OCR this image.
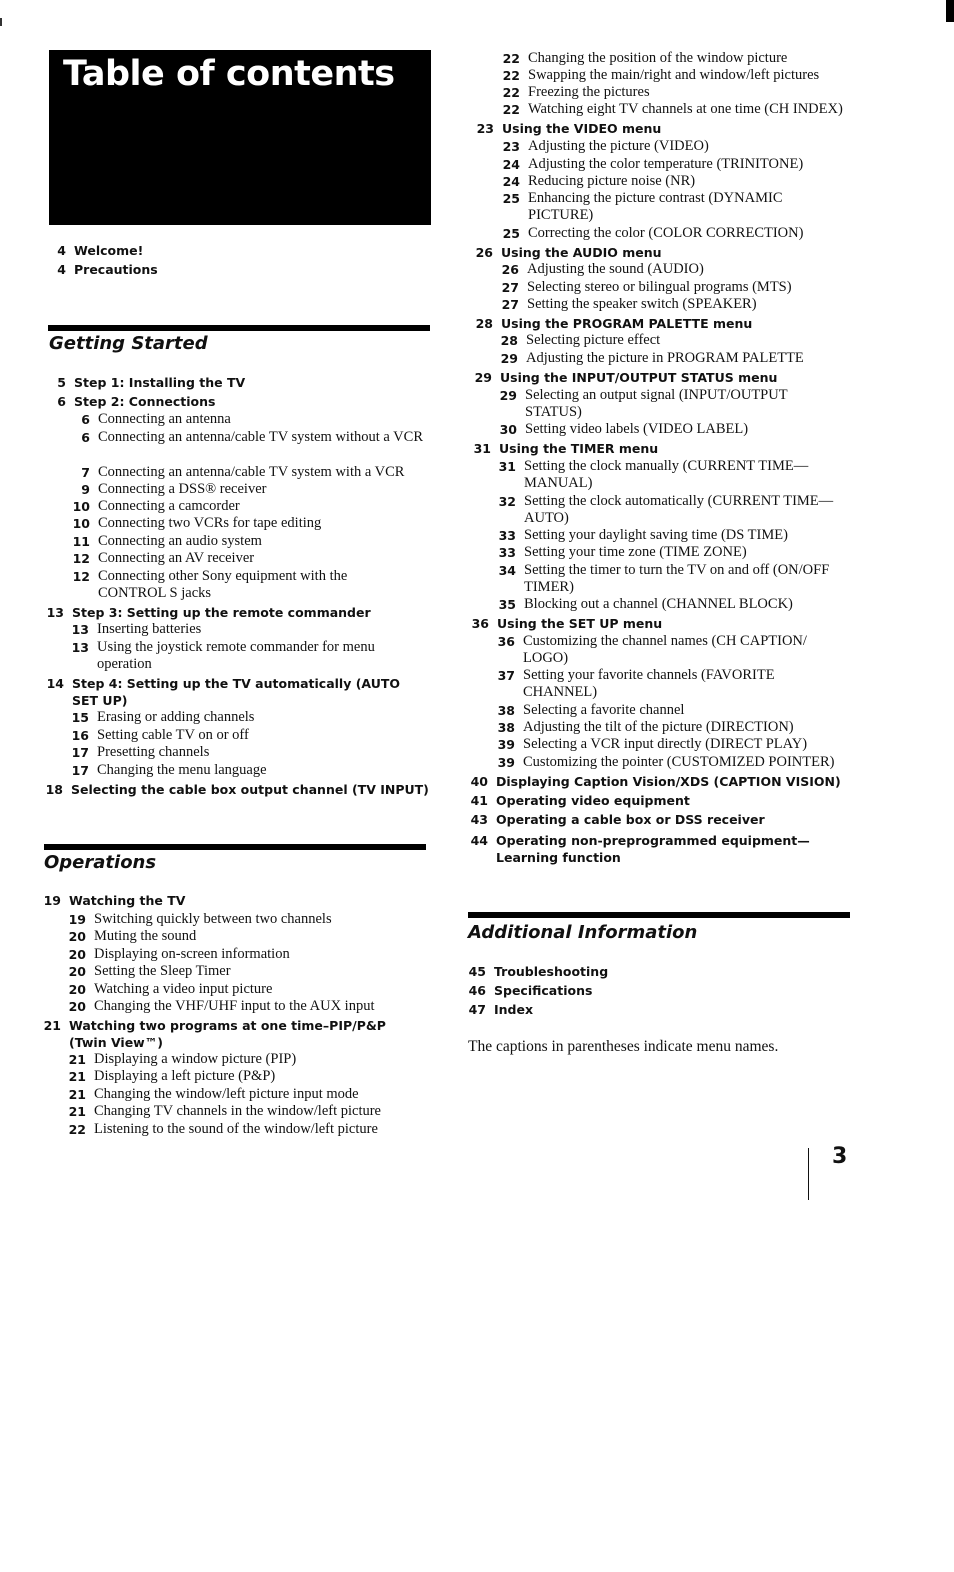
Table of contents
4 Welcome!
4 Precautions
5 Step 1: Installing the TV
6 Step 2: Connections
6 Connecting an antenna
6 Connecting an antenna/cable TV system without a VCR
7 Connecting an antenna/cable TV system with a VCR
9 Connecting a DSS® receiver
10 Connecting a camcorder
10 Connecting two VCRs for tape editing
11 Connecting an audio system
12 Connecting an AV receiver
12 Connecting other Sony equipment with the CONTROL S jacks
13 Step 3: Setting up the remote commander
13 Inserting batteries
13 Using the joystick remote commander for menu operation
14 Step 4: Setting up the TV automatically (AUTO SET UP)
15 Erasing or adding channels
16 Setting cable TV on or off
17 Presetting channels
17 Changing the menu language
18 Selecting the cable box output channel (TV INPUT)
19 Watching the TV
19 Switching quickly between two channels
20 Muting the sound
20 Displaying on-screen information
20 Setting the Sleep Timer
20 Watching a video input picture
20 Changing the VHF/UHF input to the AUX input
21 Watching two programs at one time–PIP/P&P (Twin View™)
21 Displaying a window picture (PIP)
21 Displaying a left picture (P&P)
21 Changing the window/left picture input mode
21 Changing TV channels in the window/left picture
22 Listening to the sound of the window/left picture
22 Changing the position of the window picture
22 Swapping the main/right and window/left pictures
22 Freezing the pictures
22 Watching eight TV channels at one time (CH INDEX)
23 Using the VIDEO menu
23 Adjusting the picture (VIDEO)
24 Adjusting the color temperature (TRINITONE)
24 Reducing picture noise (NR)
25 Enhancing the picture contrast (DYNAMIC PICTURE)
25 Correcting the color (COLOR CORRECTION)
26 Using the AUDIO menu
26 Adjusting the sound (AUDIO)
27 Selecting stereo or bilingual programs (MTS)
27 Setting the speaker switch (SPEAKER)
28 Using the PROGRAM PALETTE menu
28 Selecting picture effect
29 Adjusting the picture in PROGRAM PALETTE
29 Using the INPUT/OUTPUT STATUS menu
29 Selecting an output signal (INPUT/OUTPUT STATUS)
30 Setting video labels (VIDEO LABEL)
31 Using the TIMER menu
31 Setting the clock manually (CURRENT TIME— MANUAL)
32 Setting the clock automatically (CURRENT TIME— AUTO)
33 Setting your daylight saving time (DS TIME)
33 Setting your time zone (TIME ZONE)
34 Setting the timer to turn the TV on and off (ON/OFF TIMER)
35 Blocking out a channel (CHANNEL BLOCK)
36 Using the SET UP menu
36 Customizing the channel names (CH CAPTION/ LOGO)
37 Setting your favorite channels (FAVORITE CHANNEL)
38 Selecting a favorite channel
38 Adjusting the tilt of the picture (DIRECTION)
39 Selecting a VCR input directly (DIRECT PLAY)
39 Customizing the pointer (CUSTOMIZED POINTER)
40 Displaying Caption Vision/XDS (CAPTION VISION)
41 Operating video equipment
43 Operating a cable box or DSS receiver
44 Operating non-preprogrammed equipment—Learning function
45 Troubleshooting
46 Specifications
47 Index
Getting Started
Operations
Additional Information

The captions in parentheses indicate menu names.

3
